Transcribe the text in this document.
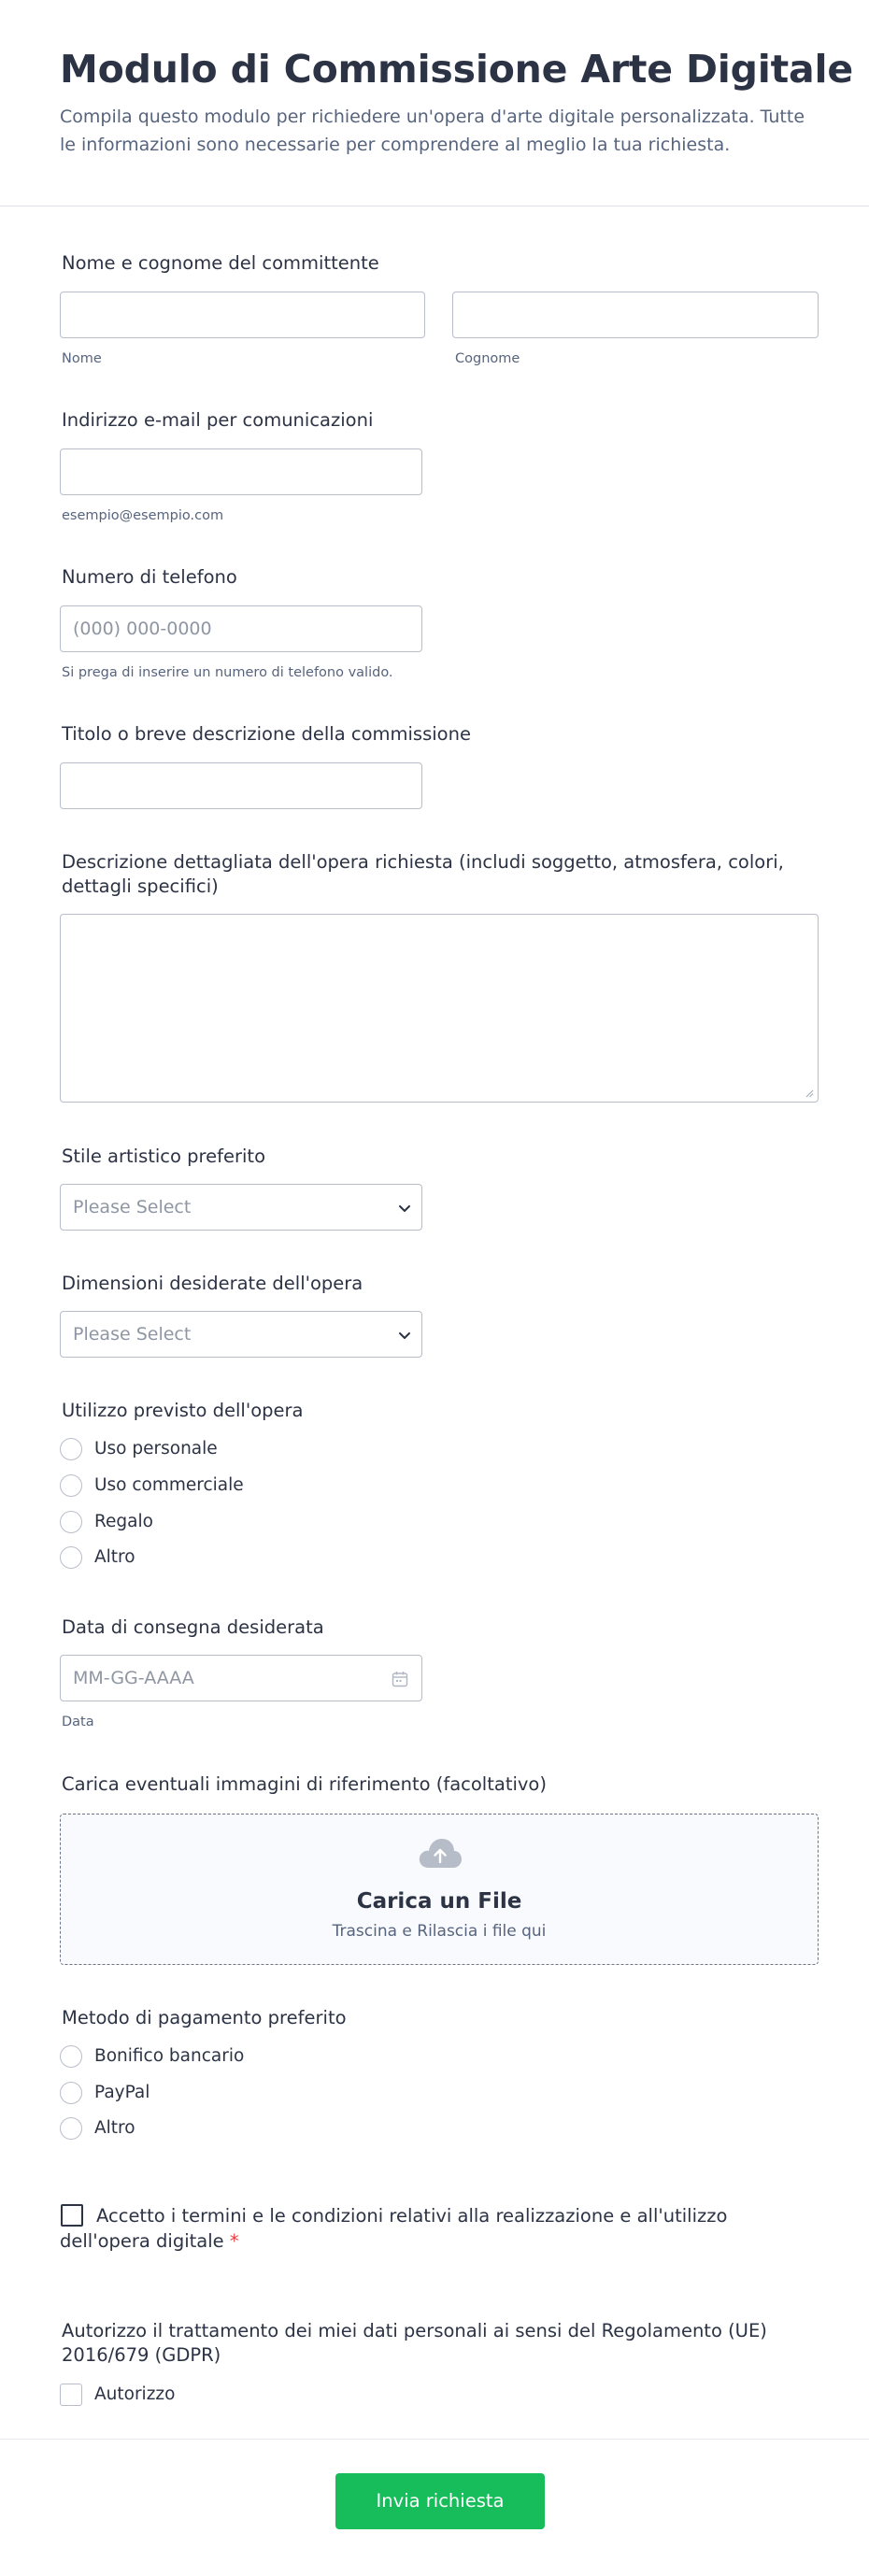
Modulo di Commissione Arte Digitale

Compila questo modulo per richiedere un'opera d'arte digitale personalizzata. Tutte le informazioni sono necessarie per comprendere al meglio la tua richiesta.

Nome e cognome del committente
Nome	Cognome
Indirizzo e-mail per comunicazioni
esempio@esempio.com
Numero di telefono
(000) 000-0000
Si prega di inserire un numero di telefono valido.
Titolo o breve descrizione della commissione
Descrizione dettagliata dell'opera richiesta (includi soggetto, atmosfera, colori, dettagli specifici)
Stile artistico preferito
Please Select
Dimensioni desiderate dell'opera
Please Select
Utilizzo previsto dell'opera
Uso personale
Uso commerciale
Regalo
Altro
Data di consegna desiderata
MM-GG-AAAA
Data
Carica eventuali immagini di riferimento (facoltativo)
Carica un File
Trascina e Rilascia i file qui
Metodo di pagamento preferito
Bonifico bancario
PayPal
Altro

Accetto i termini e le condizioni relativi alla realizzazione e all'utilizzo dell'opera digitale *

Autorizzo il trattamento dei miei dati personali ai sensi del Regolamento (UE) 2016/679 (GDPR)
Autorizzo
Invia richiesta
